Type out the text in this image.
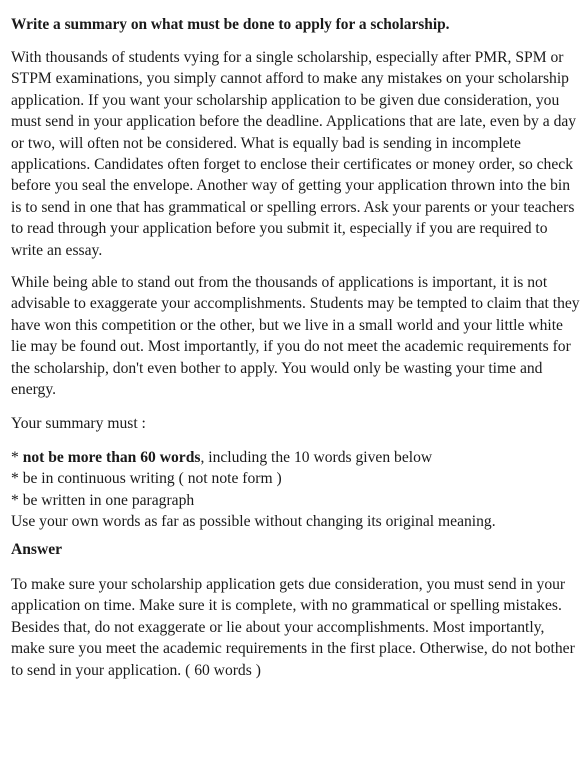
Write a summary on what must be done to apply for a scholarship.
With thousands of students vying for a single scholarship, especially after PMR, SPM or STPM examinations, you simply cannot afford to make any mistakes on your scholarship application. If you want your scholarship application to be given due consideration, you must send in your application before the deadline. Applications that are late, even by a day or two, will often not be considered. What is equally bad is sending in incomplete applications. Candidates often forget to enclose their certificates or money order, so check before you seal the envelope. Another way of getting your application thrown into the bin is to send in one that has grammatical or spelling errors. Ask your parents or your teachers to read through your application before you submit it, especially if you are required to write an essay.
While being able to stand out from the thousands of applications is important, it is not advisable to exaggerate your accomplishments. Students may be tempted to claim that they have won this competition or the other, but we live in a small world and your little white lie may be found out. Most importantly, if you do not meet the academic requirements for the scholarship, don't even bother to apply. You would only be wasting your time and energy.
Your summary must :
* not be more than 60 words, including the 10 words given below
* be in continuous writing ( not note form )
* be written in one paragraph
Use your own words as far as possible without changing its original meaning.
Answer
To make sure your scholarship application gets due consideration, you must send in your application on time. Make sure it is complete, with no grammatical or spelling mistakes. Besides that, do not exaggerate or lie about your accomplishments. Most importantly, make sure you meet the academic requirements in the first place. Otherwise, do not bother to send in your application. ( 60 words )
